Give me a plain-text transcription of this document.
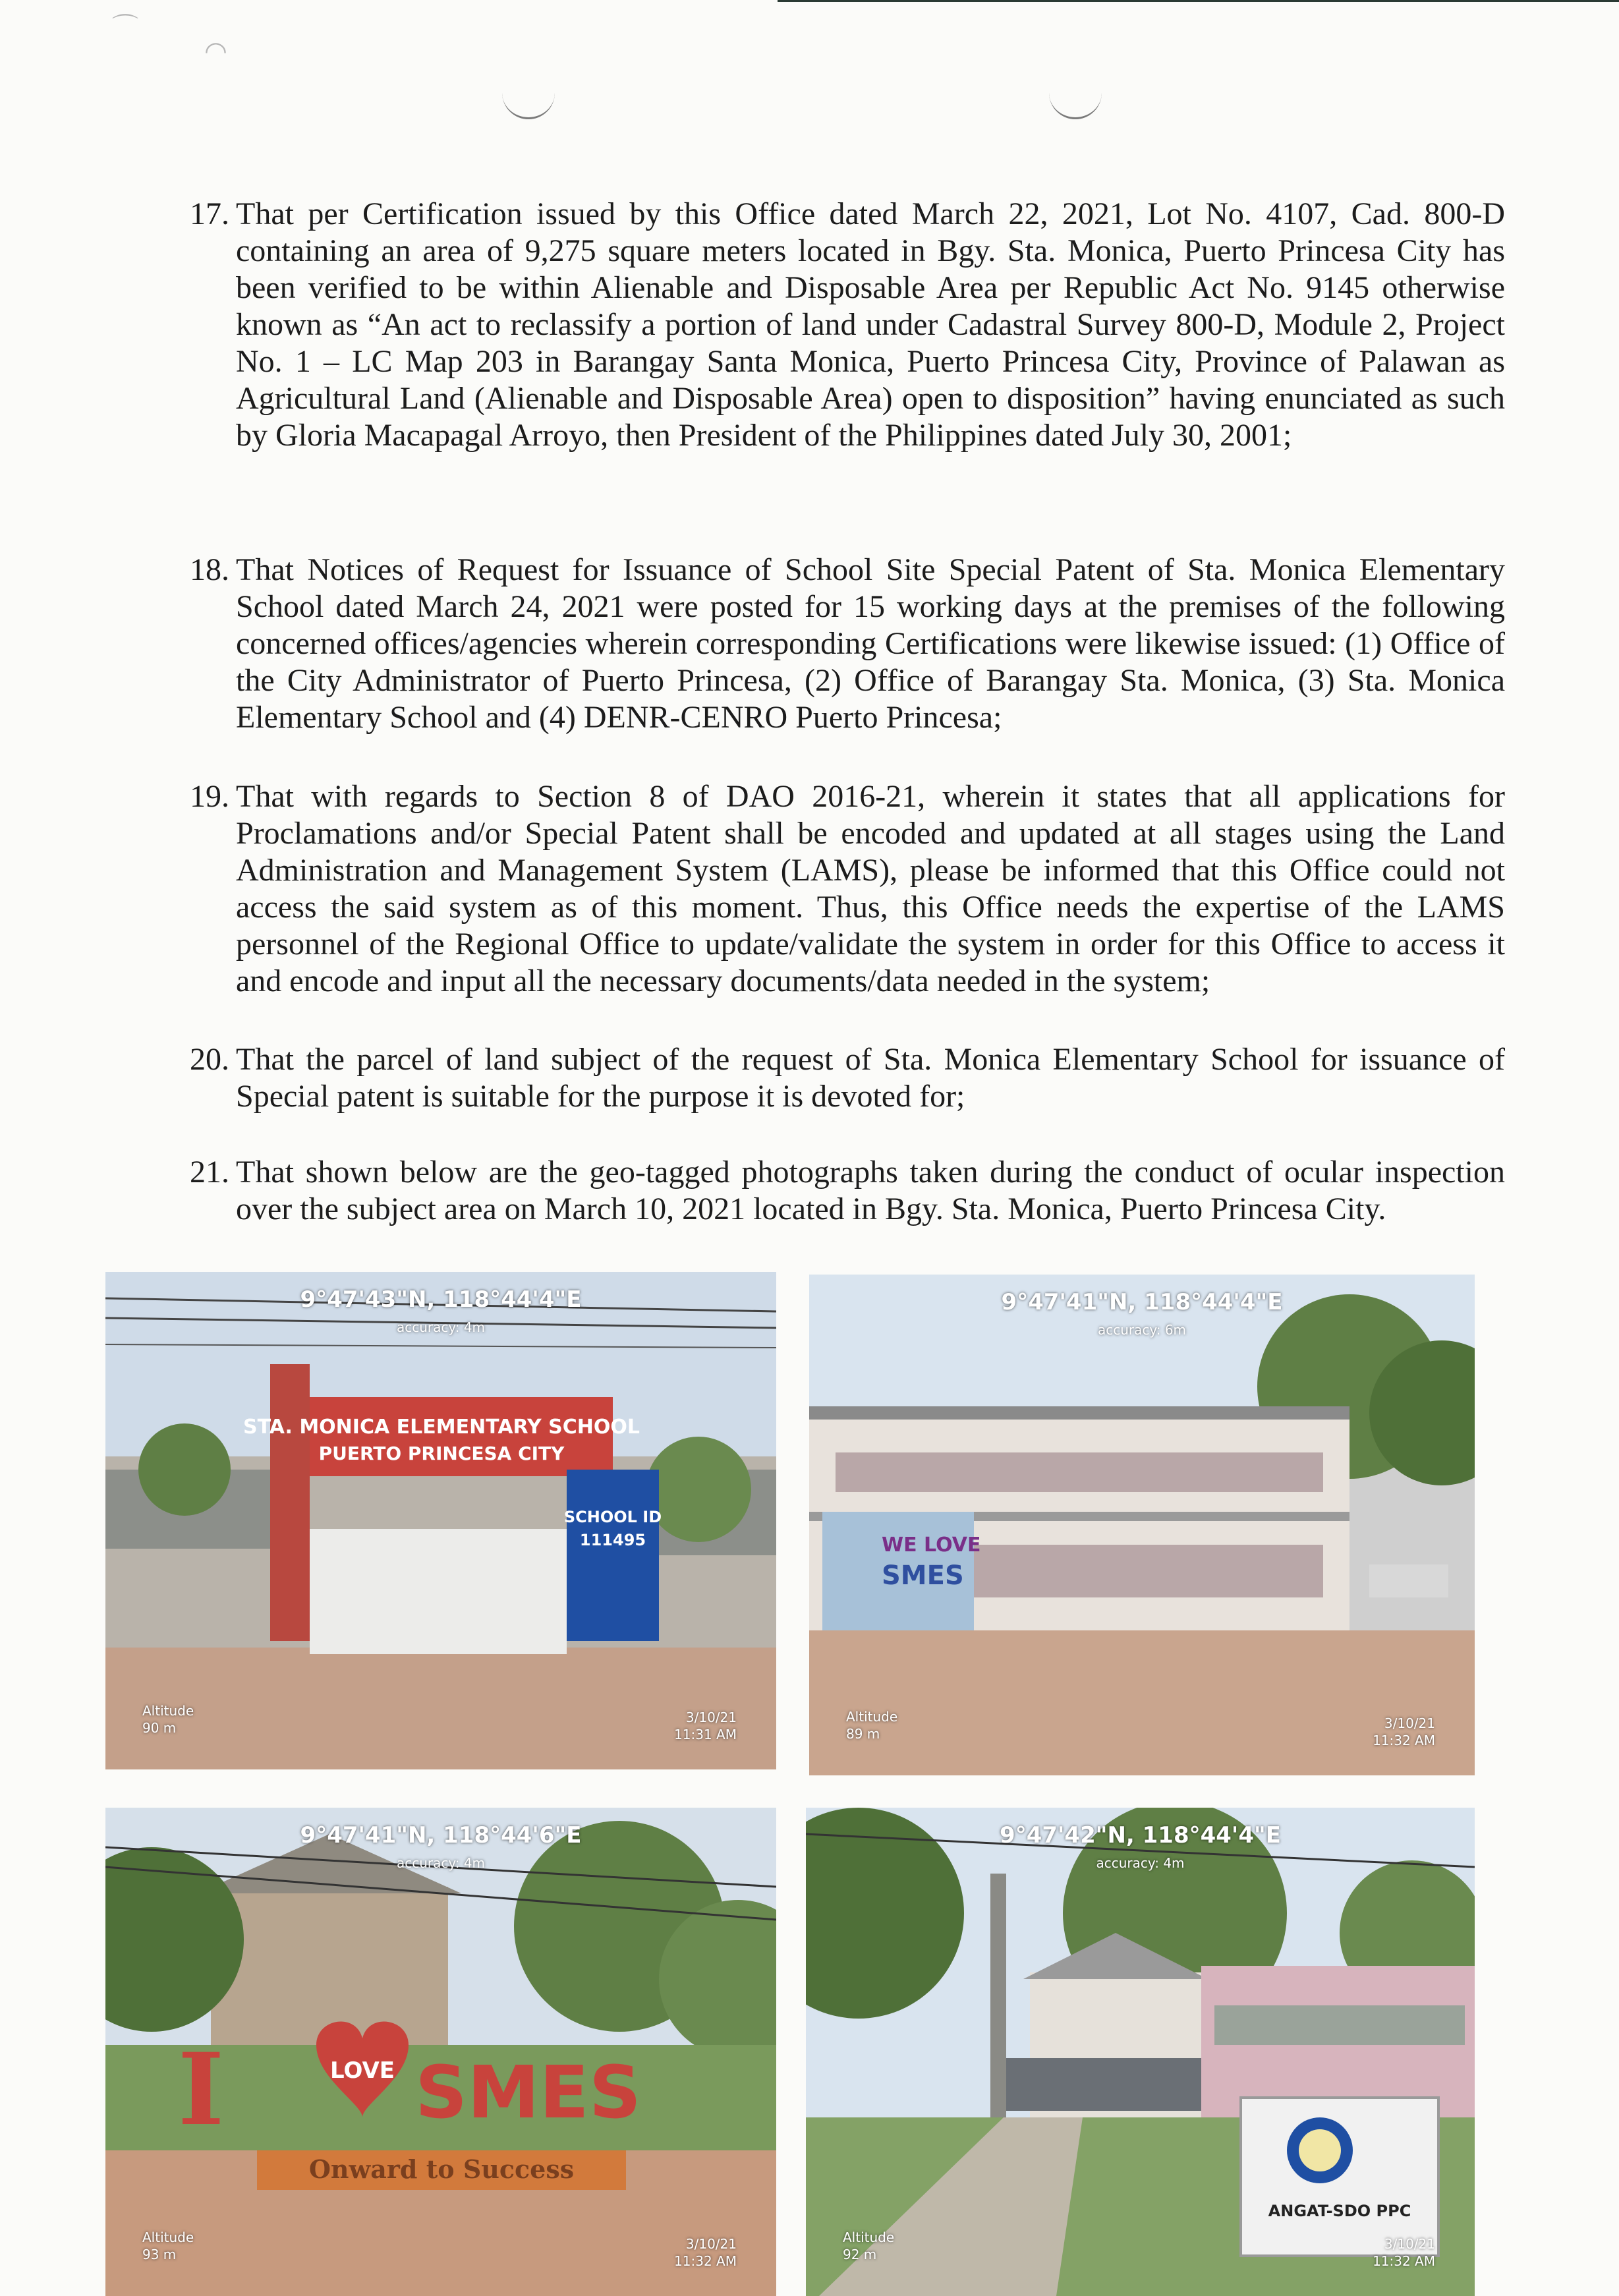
⌒
◠
17. That per Certification issued by this Office dated March 22, 2021, Lot No. 4107, Cad. 800-D containing an area of 9,275 square meters located in Bgy. Sta. Monica, Puerto Princesa City has been verified to be within Alienable and Disposable Area per Republic Act No. 9145 otherwise known as “An act to reclassify a portion of land under Cadastral Survey 800-D, Module 2, Project No. 1 – LC Map 203 in Barangay Santa Monica, Puerto Princesa City, Province of Palawan as Agricultural Land (Alienable and Disposable Area) open to disposition” having enunciated as such by Gloria Macapagal Arroyo, then President of the Philippines dated July 30, 2001;
18. That Notices of Request for Issuance of School Site Special Patent of Sta. Monica Elementary School dated March 24, 2021 were posted for 15 working days at the premises of the following concerned offices/agencies wherein corresponding Certifications were likewise issued: (1) Office of the City Administrator of Puerto Princesa, (2) Office of Barangay Sta. Monica, (3) Sta. Monica Elementary School and (4) DENR-CENRO Puerto Princesa;
19. That with regards to Section 8 of DAO 2016-21, wherein it states that all applications for Proclamations and/or Special Patent shall be encoded and updated at all stages using the Land Administration and Management System (LAMS), please be informed that this Office could not access the said system as of this moment. Thus, this Office needs the expertise of the LAMS personnel of the Regional Office to update/validate the system in order for this Office to access it and encode and input all the necessary documents/data needed in the system;
20. That the parcel of land subject of the request of Sta. Monica Elementary School for issuance of Special patent is suitable for the purpose it is devoted for;
21. That shown below are the geo-tagged photographs taken during the conduct of ocular inspection over the subject area on March 10, 2021 located in Bgy. Sta. Monica, Puerto Princesa City.
STA. MONICA ELEMENTARY SCHOOL
PUERTO PRINCESA CITY
SCHOOL ID
111495
9°47'43"N, 118°44'4"E
accuracy: 4m
Altitude
90 m
3/10/21
11:31 AM
WE LOVE
SMES
9°47'41"N, 118°44'4"E
accuracy: 6m
Altitude
89 m
3/10/21
11:32 AM
I	LOVE SMES
Onward to Success
9°47'41"N, 118°44'6"E
accuracy: 4m
Altitude
93 m
3/10/21
11:32 AM
ANGAT-SDO PPC
9°47'42"N, 118°44'4"E
accuracy: 4m
Altitude
92 m
3/10/21
11:32 AM
